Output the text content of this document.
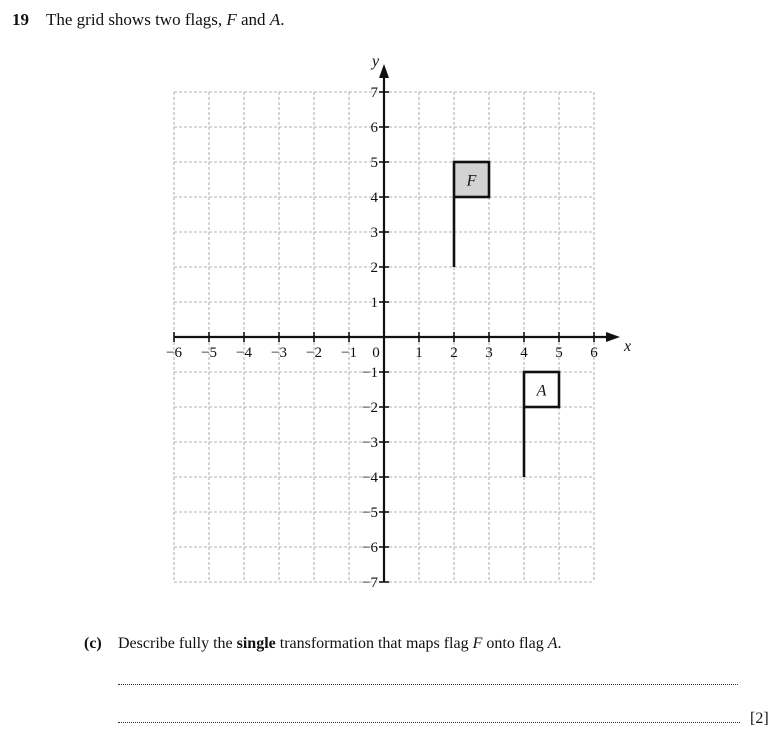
19 The grid shows two flags, F and A.
x
y
−6 −5 −4 −3 −2 −1	1 2 3 4 5 6
7
6
5
4
3
2
1
−1
−2
−3
−4
−5
−6
−7
0
F
A
(c) Describe fully the single transformation that maps flag F onto flag A.
[2]
